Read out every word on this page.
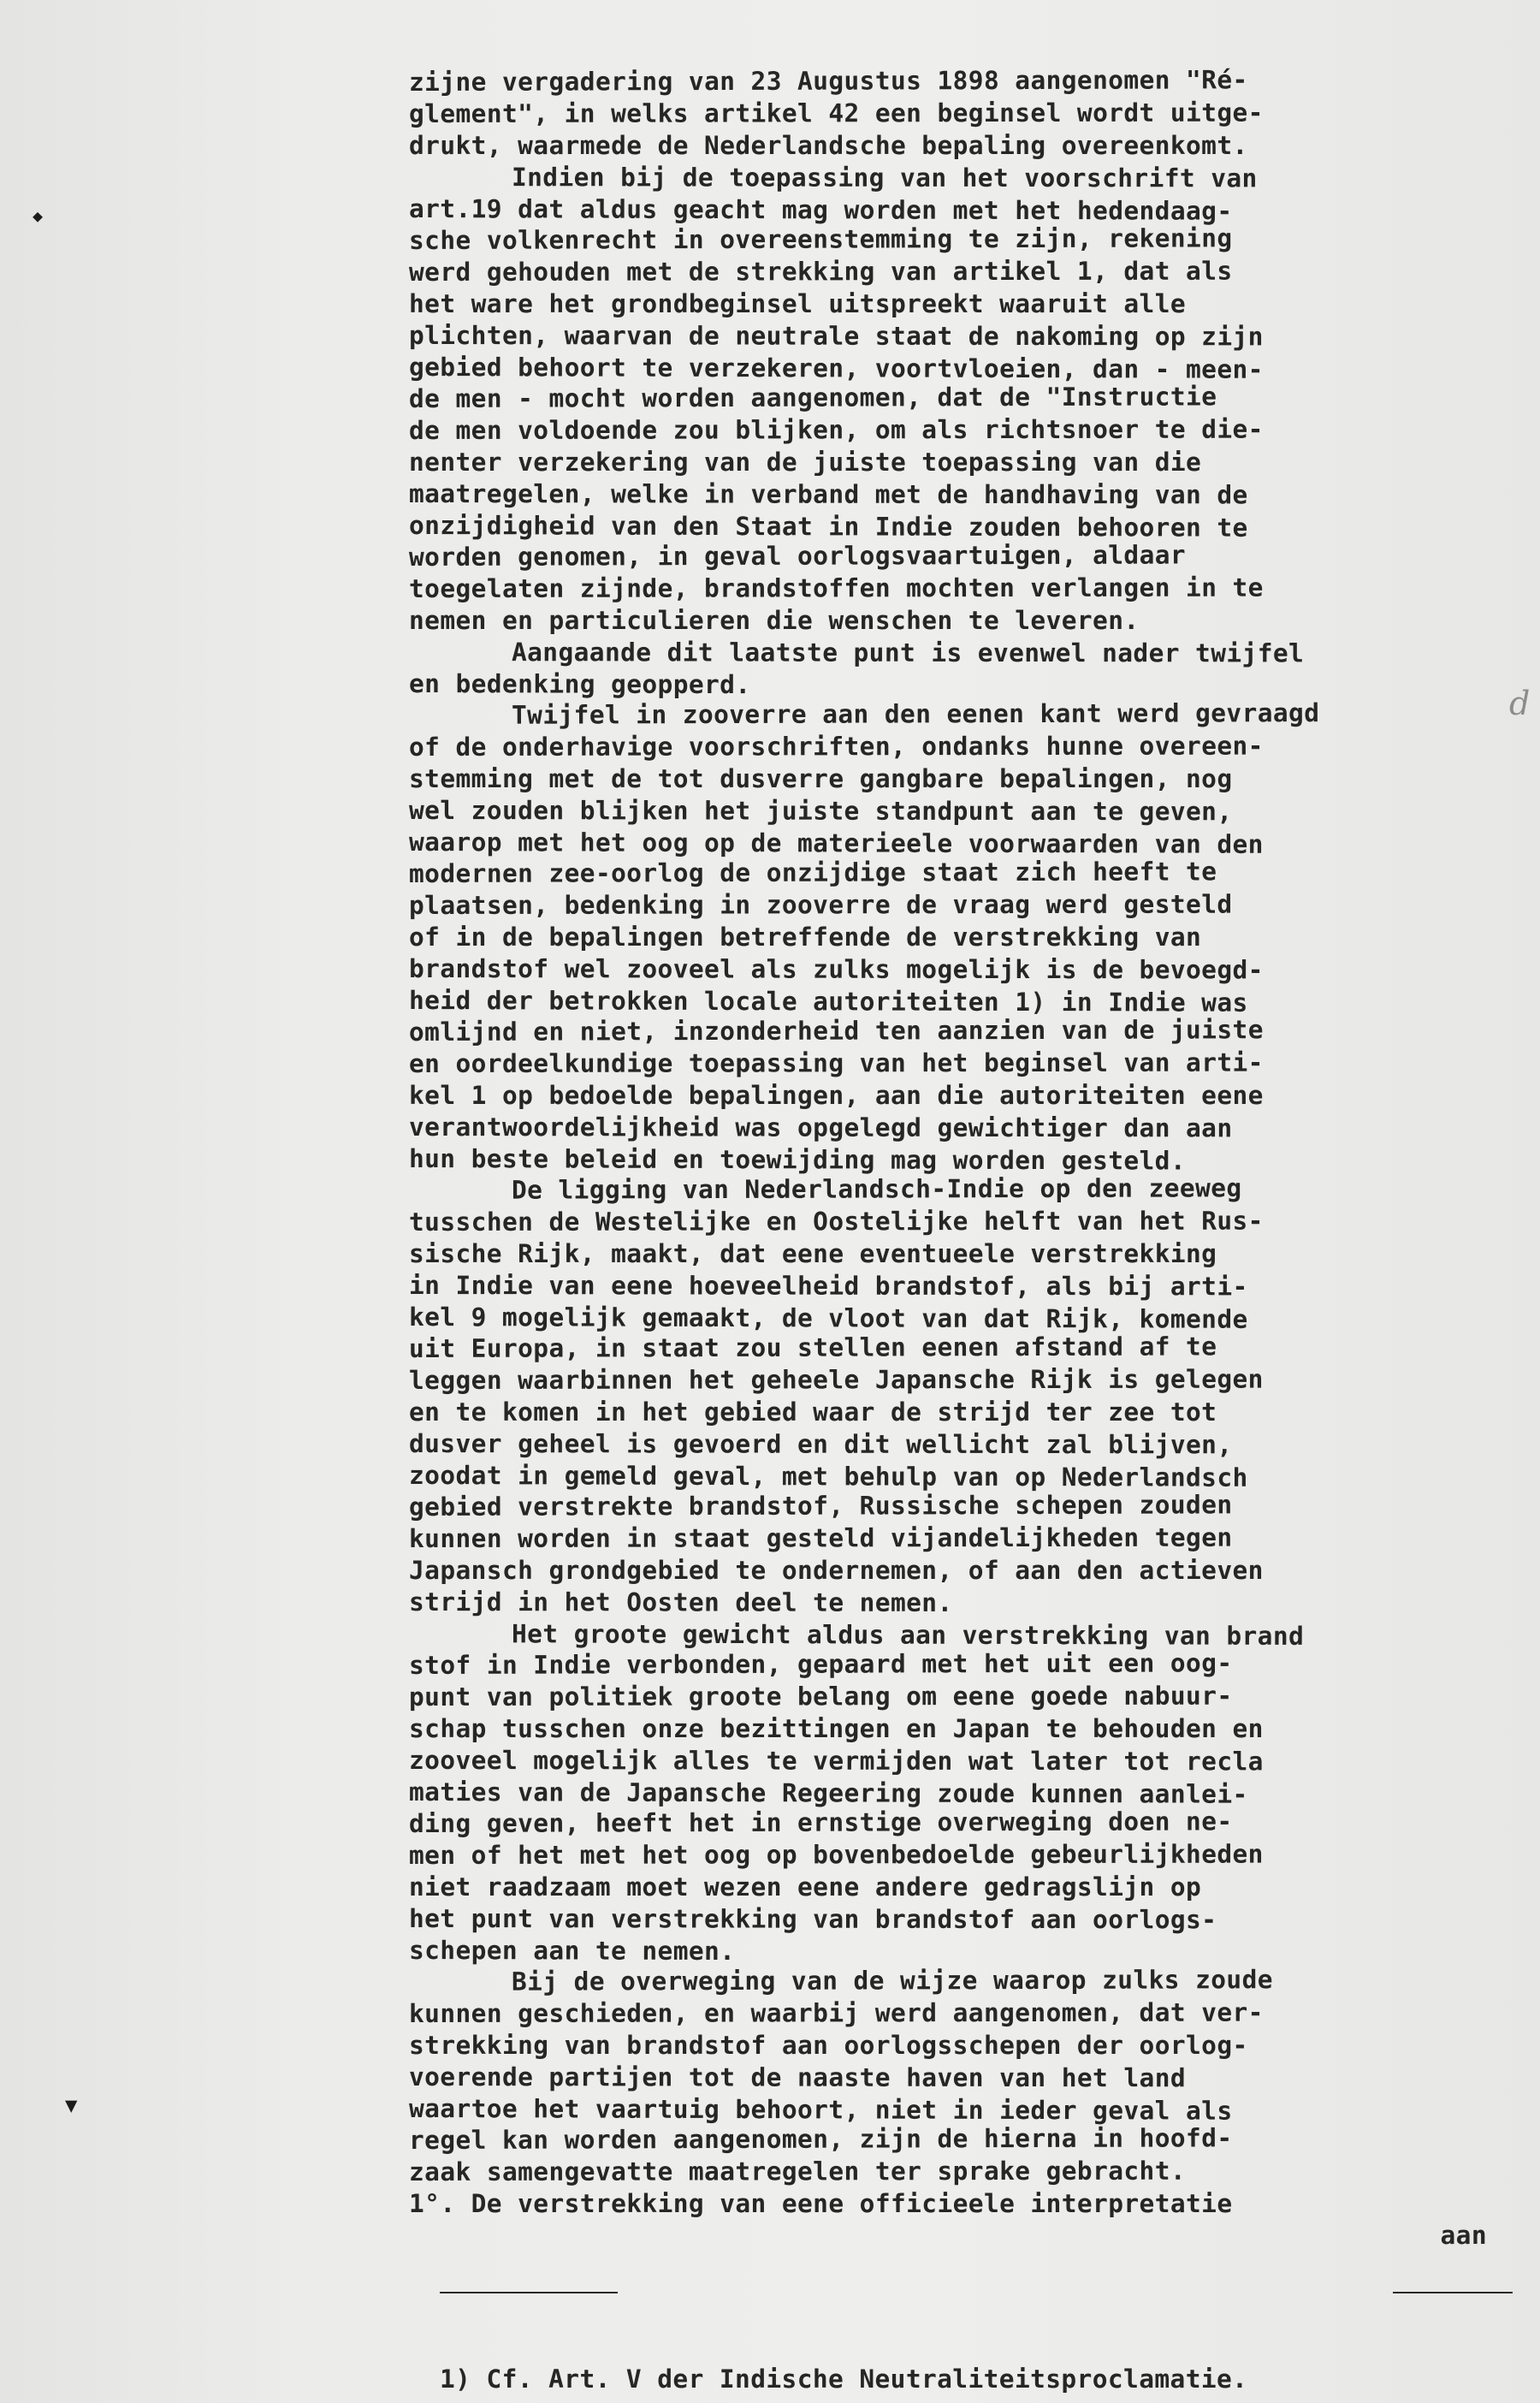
◆
▼
d
zijne vergadering van 23 Augustus 1898 aangenomen "Ré-
glement", in welks artikel 42 een beginsel wordt uitge-
drukt, waarmede de Nederlandsche bepaling overeenkomt.
Indien bij de toepassing van het voorschrift van
art.19 dat aldus geacht mag worden met het hedendaag-
sche volkenrecht in overeenstemming te zijn, rekening
werd gehouden met de strekking van artikel 1, dat als
het ware het grondbeginsel uitspreekt waaruit alle
plichten, waarvan de neutrale staat de nakoming op zijn
gebied behoort te verzekeren, voortvloeien, dan - meen-
de men - mocht worden aangenomen, dat de "Instructie
de men voldoende zou blijken, om als richtsnoer te die-
nenter verzekering van de juiste toepassing van die
maatregelen, welke in verband met de handhaving van de
onzijdigheid van den Staat in Indie zouden behooren te
worden genomen, in geval oorlogsvaartuigen, aldaar
toegelaten zijnde, brandstoffen mochten verlangen in te
nemen en particulieren die wenschen te leveren.
Aangaande dit laatste punt is evenwel nader twijfel
en bedenking geopperd.
Twijfel in zooverre aan den eenen kant werd gevraagd
of de onderhavige voorschriften, ondanks hunne overeen-
stemming met de tot dusverre gangbare bepalingen, nog
wel zouden blijken het juiste standpunt aan te geven,
waarop met het oog op de materieele voorwaarden van den
modernen zee-oorlog de onzijdige staat zich heeft te
plaatsen, bedenking in zooverre de vraag werd gesteld
of in de bepalingen betreffende de verstrekking van
brandstof wel zooveel als zulks mogelijk is de bevoegd-
heid der betrokken locale autoriteiten 1) in Indie was
omlijnd en niet, inzonderheid ten aanzien van de juiste
en oordeelkundige toepassing van het beginsel van arti-
kel 1 op bedoelde bepalingen, aan die autoriteiten eene
verantwoordelijkheid was opgelegd gewichtiger dan aan
hun beste beleid en toewijding mag worden gesteld.
De ligging van Nederlandsch-Indie op den zeeweg
tusschen de Westelijke en Oostelijke helft van het Rus-
sische Rijk, maakt, dat eene eventueele verstrekking
in Indie van eene hoeveelheid brandstof, als bij arti-
kel 9 mogelijk gemaakt, de vloot van dat Rijk, komende
uit Europa, in staat zou stellen eenen afstand af te
leggen waarbinnen het geheele Japansche Rijk is gelegen
en te komen in het gebied waar de strijd ter zee tot
dusver geheel is gevoerd en dit wellicht zal blijven,
zoodat in gemeld geval, met behulp van op Nederlandsch
gebied verstrekte brandstof, Russische schepen zouden
kunnen worden in staat gesteld vijandelijkheden tegen
Japansch grondgebied te ondernemen, of aan den actieven
strijd in het Oosten deel te nemen.
Het groote gewicht aldus aan verstrekking van brand
stof in Indie verbonden, gepaard met het uit een oog-
punt van politiek groote belang om eene goede nabuur-
schap tusschen onze bezittingen en Japan te behouden en
zooveel mogelijk alles te vermijden wat later tot recla
maties van de Japansche Regeering zoude kunnen aanlei-
ding geven, heeft het in ernstige overweging doen ne-
men of het met het oog op bovenbedoelde gebeurlijkheden
niet raadzaam moet wezen eene andere gedragslijn op
het punt van verstrekking van brandstof aan oorlogs-
schepen aan te nemen.
Bij de overweging van de wijze waarop zulks zoude
kunnen geschieden, en waarbij werd aangenomen, dat ver-
strekking van brandstof aan oorlogsschepen der oorlog-
voerende partijen tot de naaste haven van het land
waartoe het vaartuig behoort, niet in ieder geval als
regel kan worden aangenomen, zijn de hierna in hoofd-
zaak samengevatte maatregelen ter sprake gebracht.
1°. De verstrekking van eene officieele interpretatie
aan
1) Cf. Art. V der Indische Neutraliteitsproclamatie.
